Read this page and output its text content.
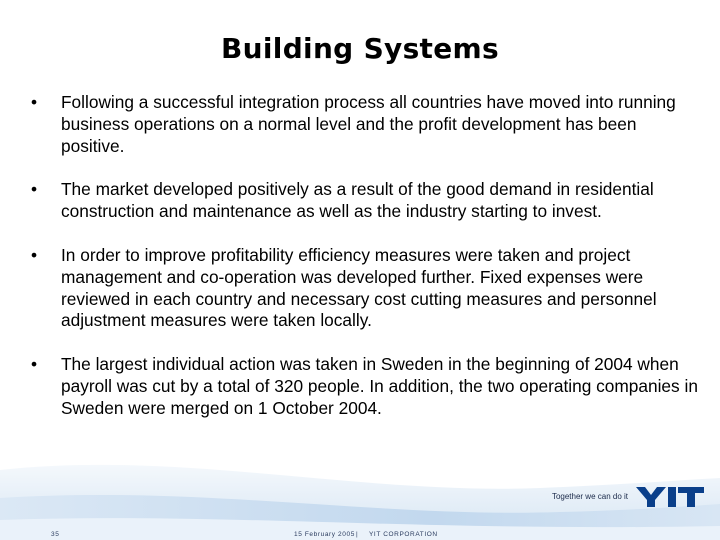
Building Systems
• Following a successful integration process all countries have moved into running business operations on a normal level and the profit development has been positive.
• The market developed positively as a result of the good demand in residential construction and maintenance as well as the industry starting to invest.
• In order to improve profitability efficiency measures were taken and project management and co-operation was developed further. Fixed expenses were reviewed in each country and necessary cost cutting measures and personnel adjustment measures were taken locally.
• The largest individual action was taken in Sweden in the beginning of 2004 when payroll was cut by a total of 320 people. In addition, the two operating companies in Sweden were merged on 1 October 2004.
Together we can do it
35	15 February 2005 | YIT CORPORATION
